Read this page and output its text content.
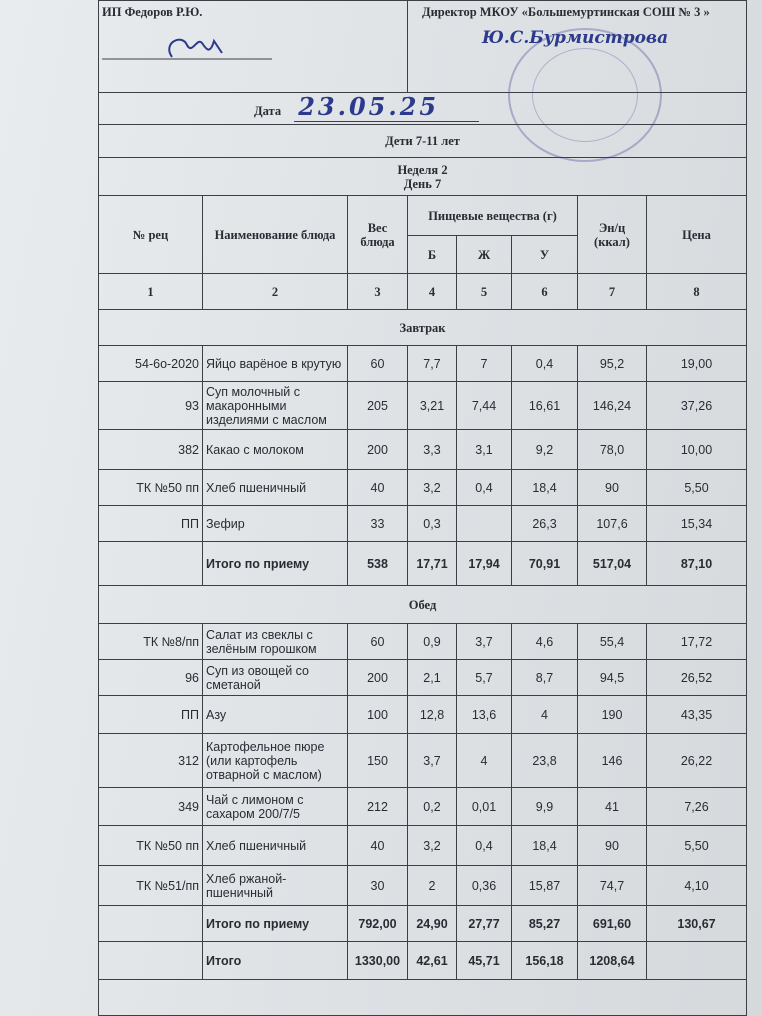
ИП Федоров Р.Ю.			Директор МКОУ «Большемуртинская СОШ № 3 »
Ю.С.Бурмистрова				

Дата 23.05.25							
Дети 7-11 лет							

Неделя 2
День 7							

№ рец	Наименование блюда	Вес блюда	Пищевые вещества (г)			Эн/ц (ккал)	Цена
			Б	Ж	У		
1	2	3	4	5	6	7	8
Завтрак							
54-6о-2020	Яйцо варёное в крутую	60	7,7	7	0,4	95,2	19,00
93	Суп молочный с макаронными изделиями с маслом	205	3,21	7,44	16,61	146,24	37,26
382	Какао с молоком	200	3,3	3,1	9,2	78,0	10,00
ТК №50 пп	Хлеб пшеничный	40	3,2	0,4	18,4	90	5,50
ПП	Зефир	33	0,3		26,3	107,6	15,34
	Итого по приему	538	17,71	17,94	70,91	517,04	87,10
Обед							
ТК №8/пп	Салат из свеклы с зелёным горошком	60	0,9	3,7	4,6	55,4	17,72
96	Суп из овощей со сметаной	200	2,1	5,7	8,7	94,5	26,52
ПП	Азу	100	12,8	13,6	4	190	43,35
312	Картофельное пюре (или картофель отварной с маслом)	150	3,7	4	23,8	146	26,22
349	Чай с лимоном с сахаром 200/7/5	212	0,2	0,01	9,9	41	7,26
ТК №50 пп	Хлеб пшеничный	40	3,2	0,4	18,4	90	5,50
ТК №51/пп	Хлеб ржаной-пшеничный	30	2	0,36	15,87	74,7	4,10
	Итого по приему	792,00	24,90	27,77	85,27	691,60	130,67
	Итого	1330,00	42,61	45,71	156,18	1208,64	
